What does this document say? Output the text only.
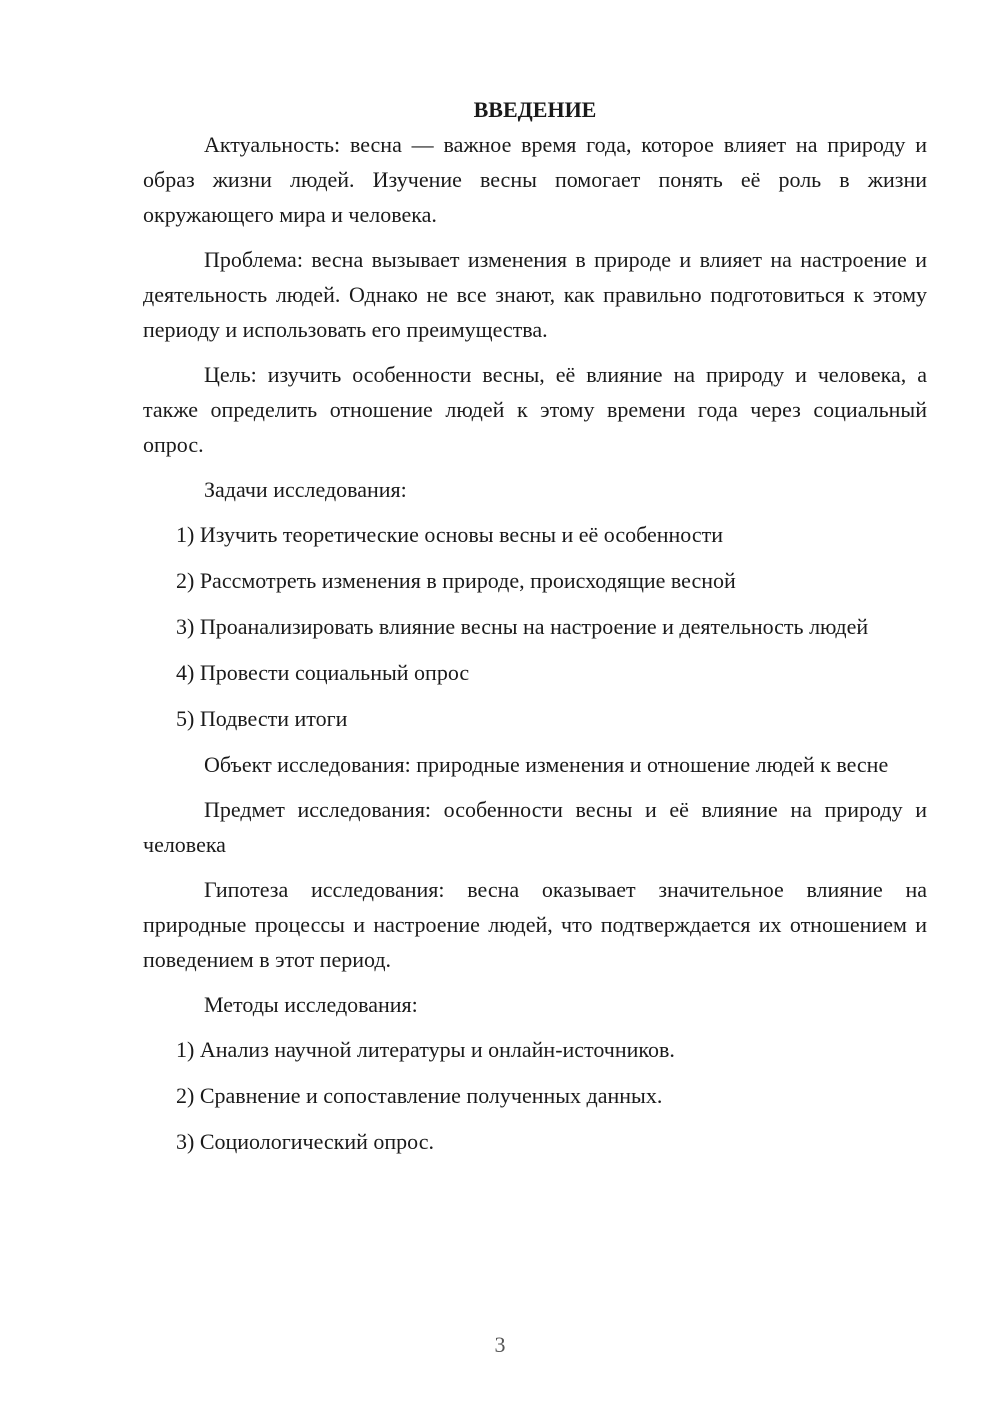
ВВЕДЕНИЕ

Актуальность: весна — важное время года, которое влияет на природу и образ жизни людей. Изучение весны помогает понять её роль в жизни окружающего мира и человека.

Проблема: весна вызывает изменения в природе и влияет на настроение и деятельность людей. Однако не все знают, как правильно подготовиться к этому периоду и использовать его преимущества.

Цель: изучить особенности весны, её влияние на природу и человека, а также определить отношение людей к этому времени года через социальный опрос.

Задачи исследования:

1) Изучить теоретические основы весны и её особенности

2) Рассмотреть изменения в природе, происходящие весной

3) Проанализировать влияние весны на настроение и деятельность людей

4) Провести социальный опрос

5) Подвести итоги

Объект исследования: природные изменения и отношение людей к весне

Предмет исследования: особенности весны и её влияние на природу и человека

Гипотеза исследования: весна оказывает значительное влияние на природные процессы и настроение людей, что подтверждается их отношением и поведением в этот период.

Методы исследования:

1) Анализ научной литературы и онлайн-источников.

2) Сравнение и сопоставление полученных данных.

3) Социологический опрос.

3
